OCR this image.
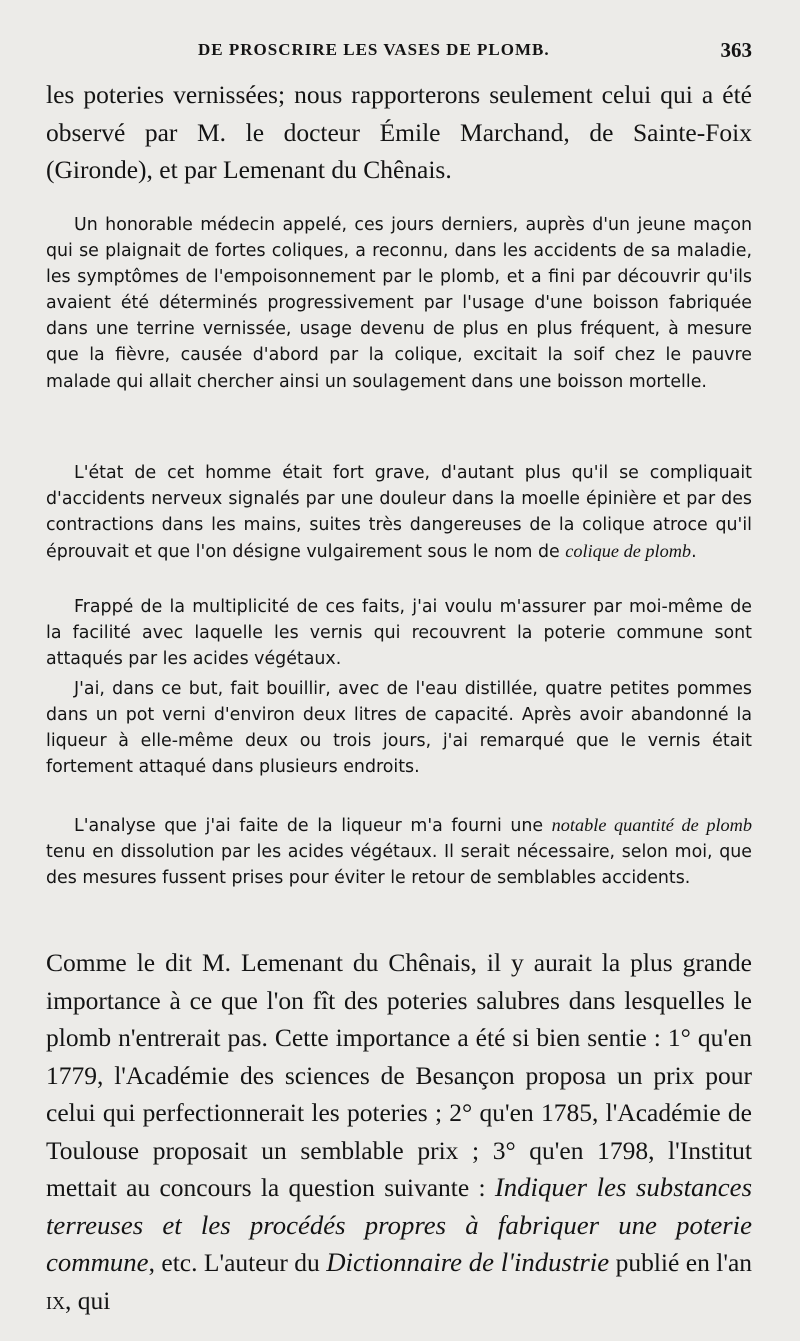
DE PROSCRIRE LES VASES DE PLOMB.	363

les poteries vernissées; nous rapporterons seulement celui qui a été observé par M. le docteur Émile Marchand, de Sainte-Foix (Gironde), et par Lemenant du Chênais.

Un honorable médecin appelé, ces jours derniers, auprès d'un jeune maçon qui se plaignait de fortes coliques, a reconnu, dans les accidents de sa maladie, les symptômes de l'empoisonnement par le plomb, et a fini par découvrir qu'ils avaient été déterminés progressivement par l'usage d'une boisson fabriquée dans une terrine vernissée, usage devenu de plus en plus fréquent, à mesure que la fièvre, causée d'abord par la colique, excitait la soif chez le pauvre malade qui allait chercher ainsi un soulagement dans une boisson mortelle.

L'état de cet homme était fort grave, d'autant plus qu'il se compliquait d'accidents nerveux signalés par une douleur dans la moelle épinière et par des contractions dans les mains, suites très dangereuses de la colique atroce qu'il éprouvait et que l'on désigne vulgairement sous le nom de colique de plomb.

Frappé de la multiplicité de ces faits, j'ai voulu m'assurer par moi-même de la facilité avec laquelle les vernis qui recouvrent la poterie commune sont attaqués par les acides végétaux.

J'ai, dans ce but, fait bouillir, avec de l'eau distillée, quatre petites pommes dans un pot verni d'environ deux litres de capacité. Après avoir abandonné la liqueur à elle-même deux ou trois jours, j'ai remarqué que le vernis était fortement attaqué dans plusieurs endroits.

L'analyse que j'ai faite de la liqueur m'a fourni une notable quantité de plomb tenu en dissolution par les acides végétaux. Il serait nécessaire, selon moi, que des mesures fussent prises pour éviter le retour de semblables accidents.

Comme le dit M. Lemenant du Chênais, il y aurait la plus grande importance à ce que l'on fît des poteries salubres dans lesquelles le plomb n'entrerait pas. Cette importance a été si bien sentie : 1° qu'en 1779, l'Académie des sciences de Besançon proposa un prix pour celui qui perfectionnerait les poteries ; 2° qu'en 1785, l'Académie de Toulouse proposait un semblable prix ; 3° qu'en 1798, l'Institut mettait au concours la question suivante : Indiquer les substances terreuses et les procédés propres à fabriquer une poterie commune, etc. L'auteur du Dictionnaire de l'industrie publié en l'an ix, qui
